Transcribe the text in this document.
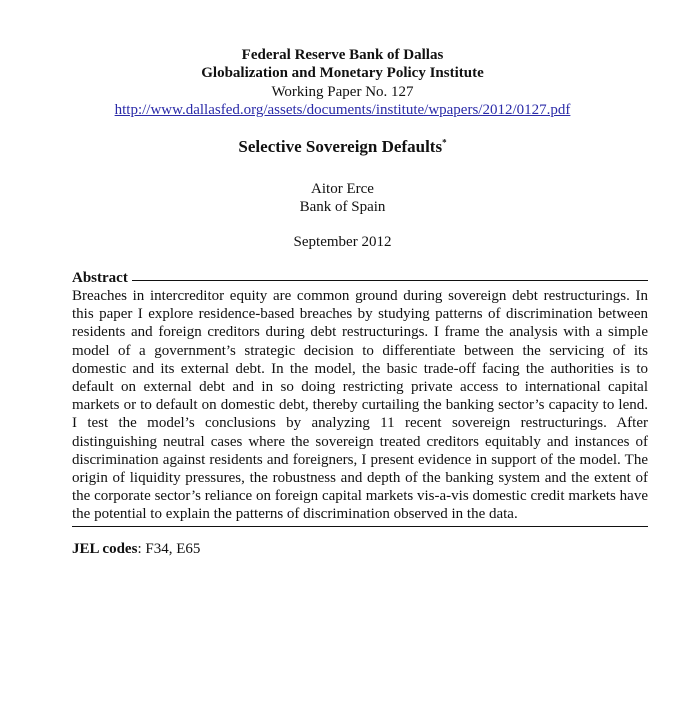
Federal Reserve Bank of Dallas
Globalization and Monetary Policy Institute
Working Paper No. 127
http://www.dallasfed.org/assets/documents/institute/wpapers/2012/0127.pdf
Selective Sovereign Defaults*
Aitor Erce
Bank of Spain
September 2012
Abstract
Breaches in intercreditor equity are common ground during sovereign debt restructurings. In this paper I explore residence-based breaches by studying patterns of discrimination between residents and foreign creditors during debt restructurings. I frame the analysis with a simple model of a government’s strategic decision to differentiate between the servicing of its domestic and its external debt. In the model, the basic trade-off facing the authorities is to default on external debt and in so doing restricting private access to international capital markets or to default on domestic debt, thereby curtailing the banking sector’s capacity to lend. I test the model’s conclusions by analyzing 11 recent sovereign restructurings. After distinguishing neutral cases where the sovereign treated creditors equitably and instances of discrimination against residents and foreigners, I present evidence in support of the model. The origin of liquidity pressures, the robustness and depth of the banking system and the extent of the corporate sector’s reliance on foreign capital markets vis-a-vis domestic credit markets have the potential to explain the patterns of discrimination observed in the data.
JEL codes: F34, E65
